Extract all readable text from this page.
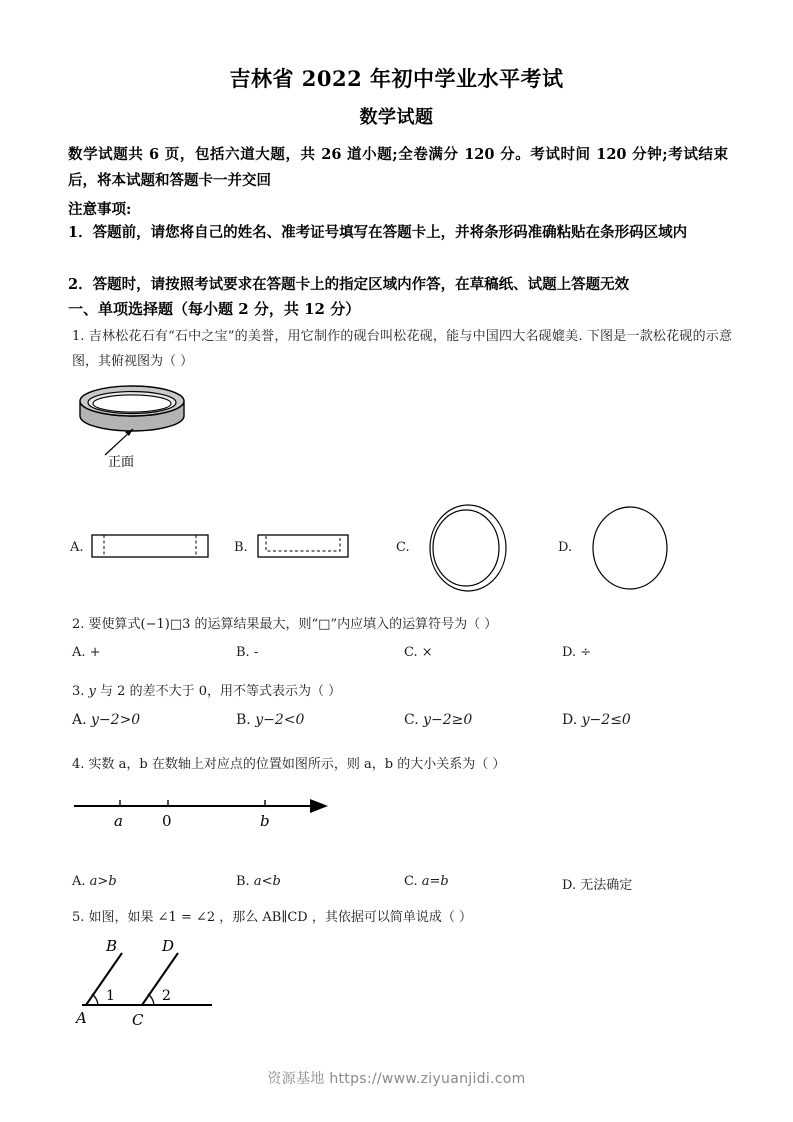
吉林省 2022 年初中学业水平考试
数学试题
数学试题共 6 页，包括六道大题，共 26 道小题;全卷满分 120 分。考试时间 120 分钟;考试结束后，将本试题和答题卡一并交回
注意事项:
1．答题前，请您将自己的姓名、准考证号填写在答题卡上，并将条形码准确粘贴在条形码区域内
2．答题时，请按照考试要求在答题卡上的指定区域内作答，在草稿纸、试题上答题无效
一、单项选择题（每小题 2 分，共 12 分）
1. 吉林松花石有“石中之宝”的美誉，用它制作的砚台叫松花砚，能与中国四大名砚媲美. 下图是一款松花砚的示意图，其俯视图为（ ）
正面
A.	B.	C.	D.
2. 要使算式(−1)□3 的运算结果最大，则“□”内应填入的运算符号为（ ）
A. +	B. -	C. ×	D. ÷
3. y 与 2 的差不大于 0，用不等式表示为（ ）
A. y−2>0	B. y−2<0	C. y−2≥0	D. y−2≤0
4. 实数 a，b 在数轴上对应点的位置如图所示，则 a，b 的大小关系为（ ）
a	0	b
A. a>b	B. a<b	C. a=b	D. 无法确定
5. 如图，如果 ∠1 = ∠2 ，那么 AB∥CD ，其依据可以简单说成（ ）
B	D
A	C
1	2
资源基地 https://www.ziyuanjidi.com
